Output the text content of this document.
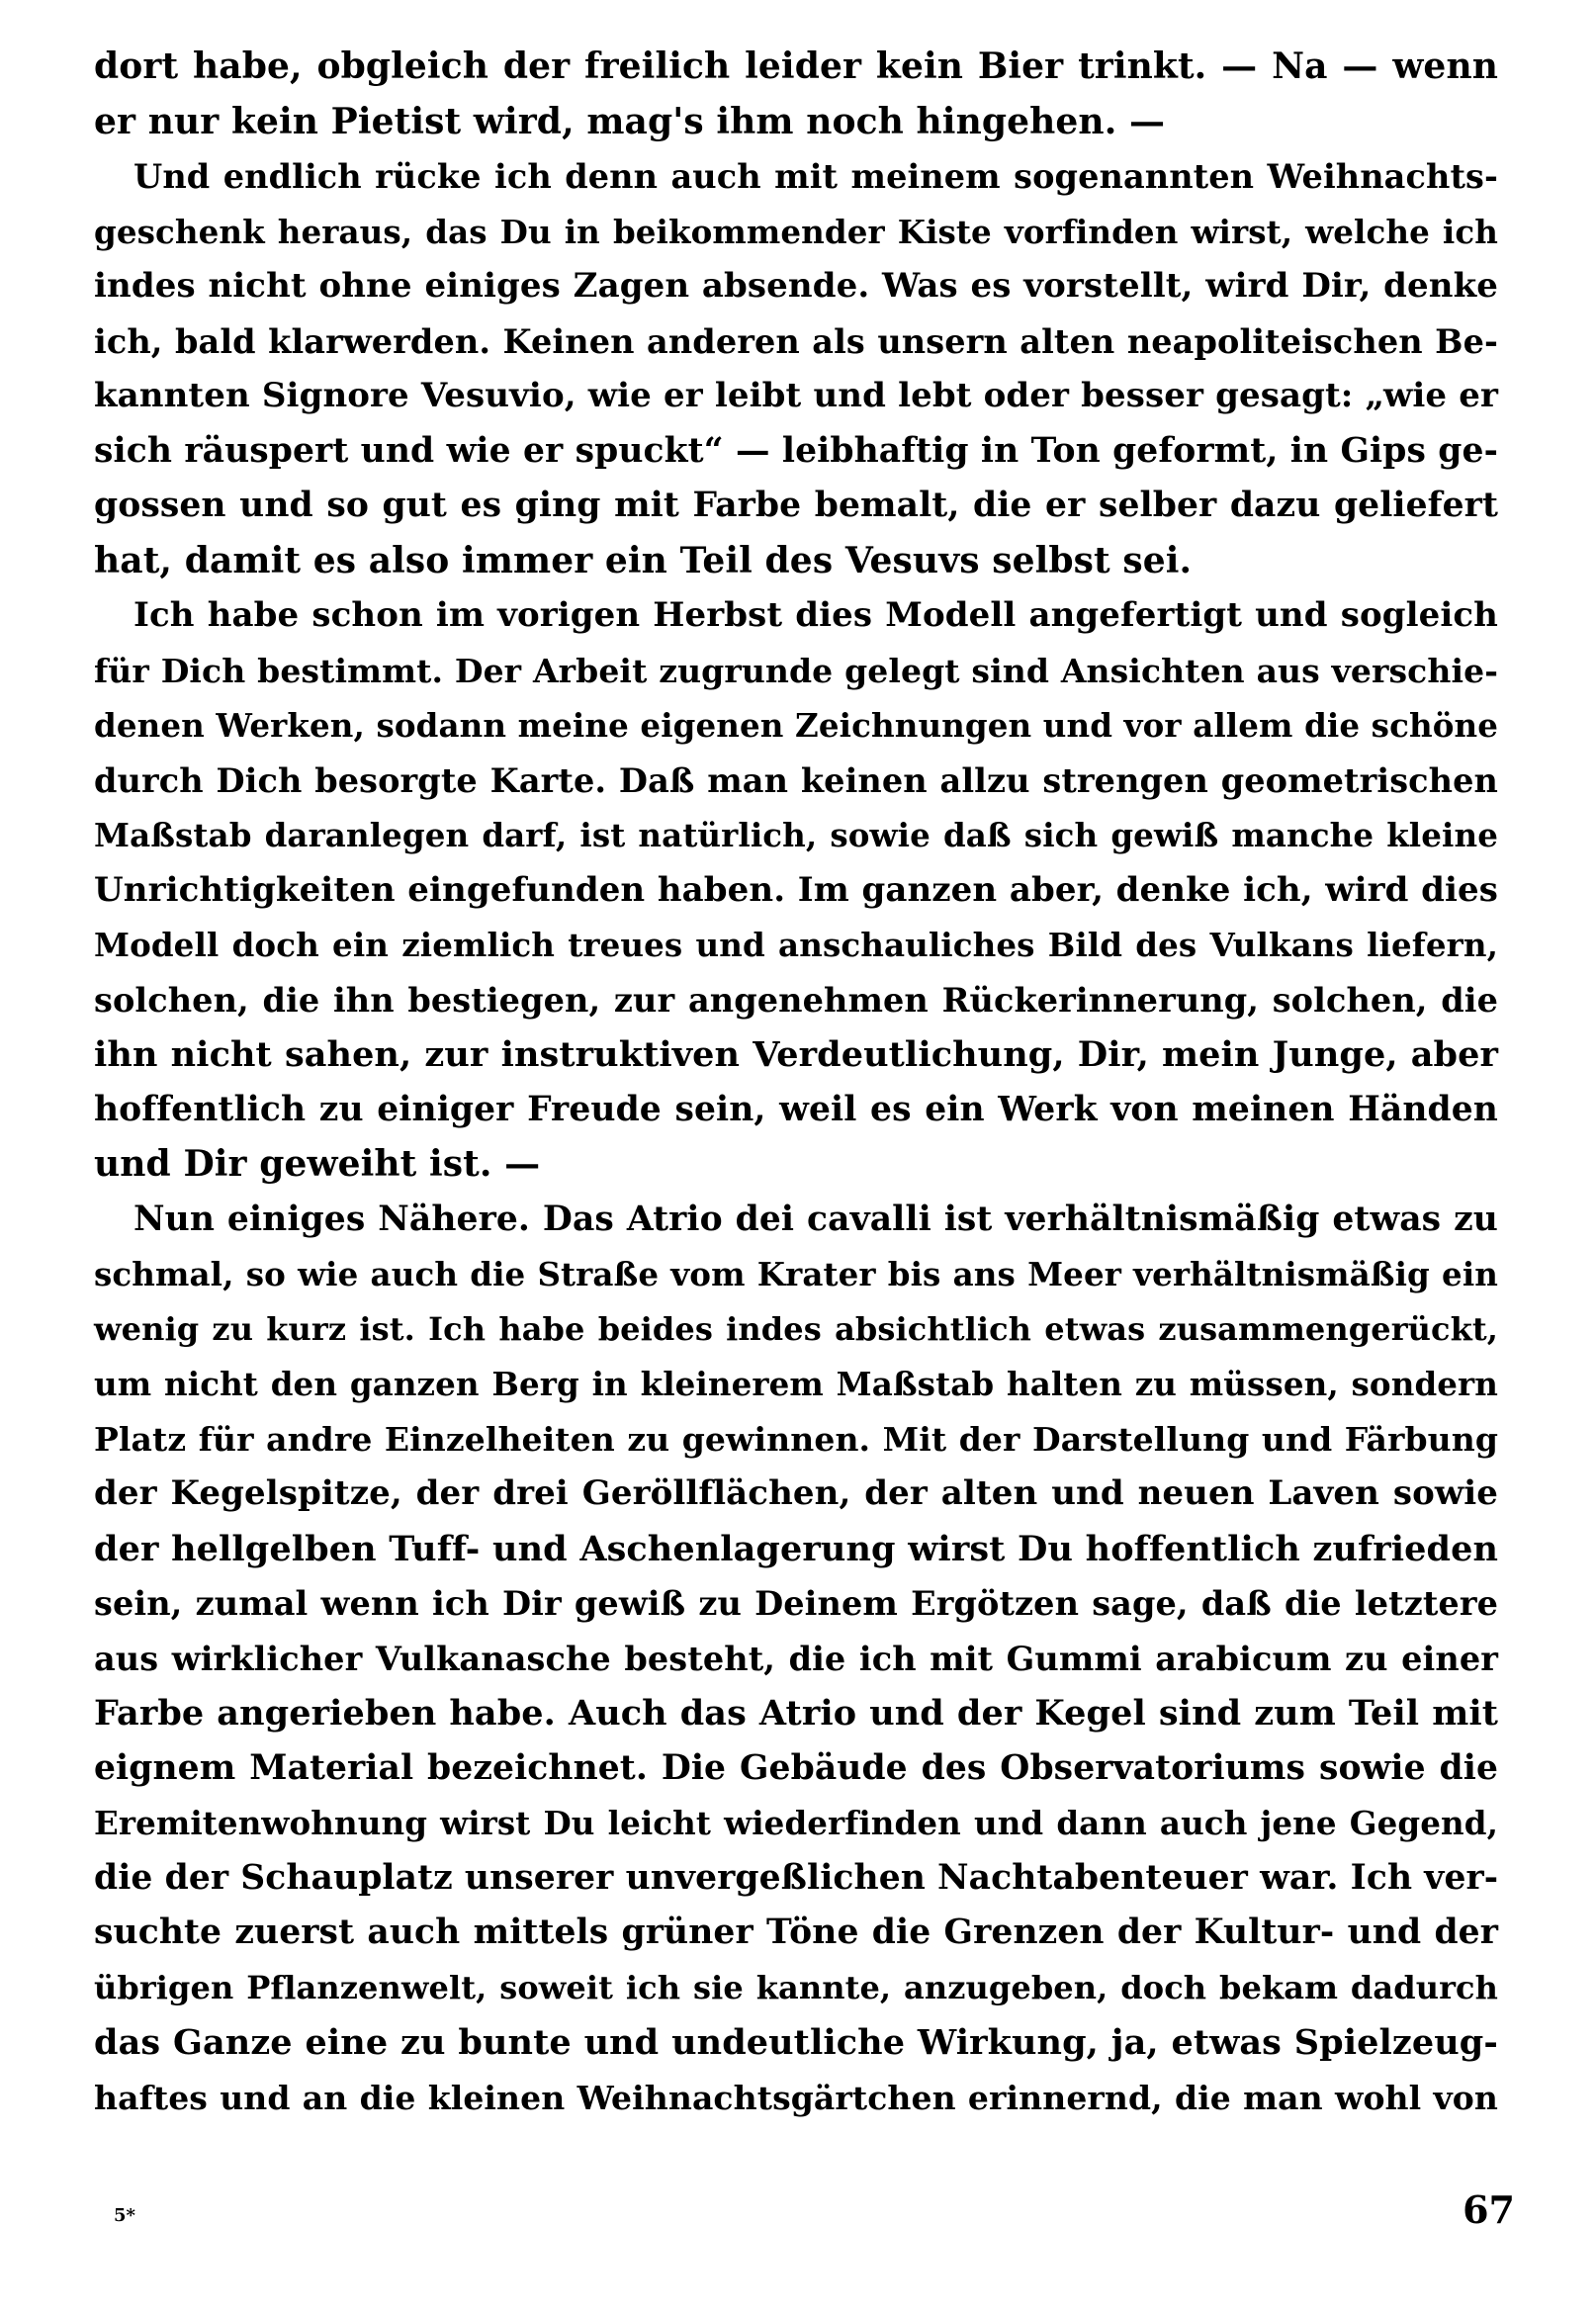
dort habe, obgleich der freilich leider kein Bier trinkt. — Na — wenn
er nur kein Pietist wird, mag's ihm noch hingehen. —
Und endlich rücke ich denn auch mit meinem sogenannten Weihnachts-
geschenk heraus, das Du in beikommender Kiste vorfinden wirst, welche ich
indes nicht ohne einiges Zagen absende. Was es vorstellt, wird Dir, denke
ich, bald klarwerden. Keinen anderen als unsern alten neapoliteischen Be-
kannten Signore Vesuvio, wie er leibt und lebt oder besser gesagt: „wie er
sich räuspert und wie er spuckt“ — leibhaftig in Ton geformt, in Gips ge-
gossen und so gut es ging mit Farbe bemalt, die er selber dazu geliefert
hat, damit es also immer ein Teil des Vesuvs selbst sei.
Ich habe schon im vorigen Herbst dies Modell angefertigt und sogleich
für Dich bestimmt. Der Arbeit zugrunde gelegt sind Ansichten aus verschie-
denen Werken, sodann meine eigenen Zeichnungen und vor allem die schöne
durch Dich besorgte Karte. Daß man keinen allzu strengen geometrischen
Maßstab daranlegen darf, ist natürlich, sowie daß sich gewiß manche kleine
Unrichtigkeiten eingefunden haben. Im ganzen aber, denke ich, wird dies
Modell doch ein ziemlich treues und anschauliches Bild des Vulkans liefern,
solchen, die ihn bestiegen, zur angenehmen Rückerinnerung, solchen, die
ihn nicht sahen, zur instruktiven Verdeutlichung, Dir, mein Junge, aber
hoffentlich zu einiger Freude sein, weil es ein Werk von meinen Händen
und Dir geweiht ist. —
Nun einiges Nähere. Das Atrio dei cavalli ist verhältnismäßig etwas zu
schmal, so wie auch die Straße vom Krater bis ans Meer verhältnismäßig ein
wenig zu kurz ist. Ich habe beides indes absichtlich etwas zusammengerückt,
um nicht den ganzen Berg in kleinerem Maßstab halten zu müssen, sondern
Platz für andre Einzelheiten zu gewinnen. Mit der Darstellung und Färbung
der Kegelspitze, der drei Geröllflächen, der alten und neuen Laven sowie
der hellgelben Tuff- und Aschenlagerung wirst Du hoffentlich zufrieden
sein, zumal wenn ich Dir gewiß zu Deinem Ergötzen sage, daß die letztere
aus wirklicher Vulkanasche besteht, die ich mit Gummi arabicum zu einer
Farbe angerieben habe. Auch das Atrio und der Kegel sind zum Teil mit
eignem Material bezeichnet. Die Gebäude des Observatoriums sowie die
Eremitenwohnung wirst Du leicht wiederfinden und dann auch jene Gegend,
die der Schauplatz unserer unvergeßlichen Nachtabenteuer war. Ich ver-
suchte zuerst auch mittels grüner Töne die Grenzen der Kultur- und der
übrigen Pflanzenwelt, soweit ich sie kannte, anzugeben, doch bekam dadurch
das Ganze eine zu bunte und undeutliche Wirkung, ja, etwas Spielzeug-
haftes und an die kleinen Weihnachtsgärtchen erinnernd, die man wohl von
5*	67
